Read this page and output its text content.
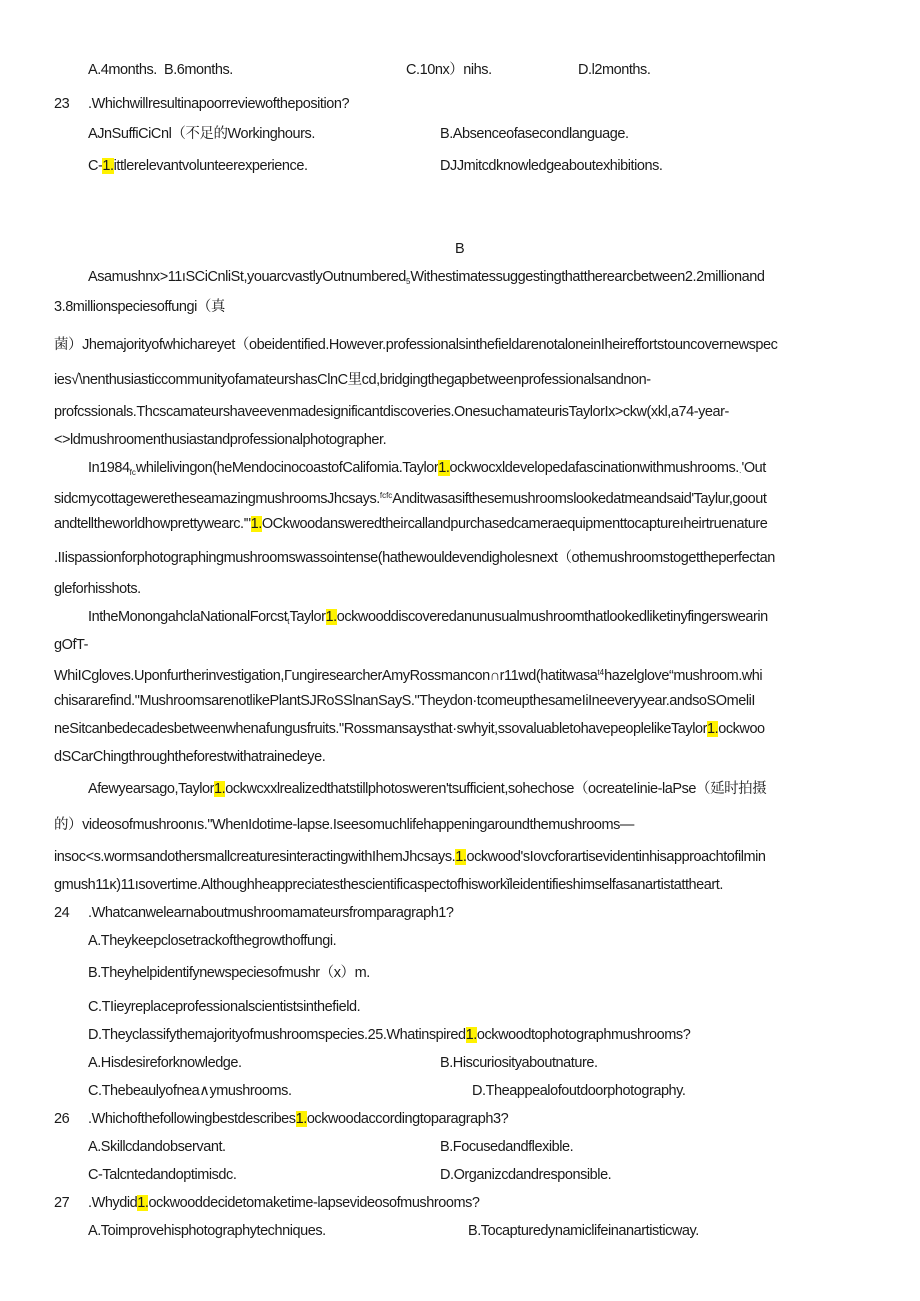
A.4months. B.6months.	C.10nx）nihs.	D.l2months.
23 .Whichwillresultinapoorreviewoftheposition?
AJnSuffiCiCnl（不足的Workinghours.	B.Absenceofasecondlanguage.
C-1.ittlerelevantvolunteerexperience.	DJJmitcdknowledgeaboutexhibitions.
B
Asamushnx>11ıSCiCnliSt,youarcvastlyOutnumbered$_5$Withestimatessuggestingthattherearcbetween2.2millionand
3.8millionspeciesoffungi（真
菌）Jhemajorityofwhichareyet（obeidentified.However.professionalsinthefieldarenotaloneinIheireffortstouncovernewspec
ies√\nenthusiasticcommunityofamateurshasClnC里cd,bridgingthegapbetweenprofessionalsandnon-
profcssionals.Thcscamateurshaveevenmadesignificantdiscoveries.OnesuchamateurisTaylorIx>ckw(xkl,a74-year-
<>ldmushroomenthusiastandprofessionalphotographer.
$In1984_{fc}whilelivingon(heMendocinocoastofCalifomia.Taylor1.ockwocxldevelopedafascinationwithmushrooms._\cdot'Out$
sidcmycottageweretheseamazingmushroomsJhcsays.$^{fcfc}$Anditwasasifthesemushroomslookedatmeandsaid'Taylur,goout
andtelltheworldhowprettywearc.'"1.OCkwoodansweredtheircallandpurchasedcameraequipmenttocaptureıheirtruenature
.IIispassionforphotographingmushroomswassointense(hathewouldevendigholesnext（othemushroomstogettheperfectan
gleforhisshots.
IntheMonongahclaNationalForcst$_t$Taylor1.ockwooddiscoveredanunusualmushroomthatlookedliketinyfingerswearin
gOfT-
WhiICgloves.Uponfurtherinvestigation,ΓungiresearcherAmyRossmancon∩r11wd(hatitwasa$^{t4}$hazelglove“mushroom.whi
chisararefind."MushroomsarenotlikePlantSJRoSSlnanSayS."Theydon·tcomeupthesameIiIneeveryyear.andsoSOmeliI
neSitcanbedecadesbetweenwhenafungusfruits."Rossmansaysthat·swhyit,ssovaluabletohavepeoplelikeTaylor1.ockwoo
dSCarChingthroughtheforestwithatrainedeye.
Afewyearsago,Taylor1.ockwcxxlrealizedthatstillphotosweren'tsufficient,sohechose（ocreateIinie-laPse（延时拍摄
的）videosofmushroonıs."WhenIdotime-lapse.Iseesomuchlifehappeningaroundthemushrooms—
insoc<s.wormsandothersmallcreaturesinteractingwithIhemJhcsays.1.ockwood'sIovcforartisevidentinhisapproachtofilmin
gmush11κ)11ısovertime.Althoughheappreciatesthescientificaspectofhisworkǐleidentifieshimselfasanartistattheart.
24 .Whatcanwelearnaboutmushroomamateursfromparagraph1?
A.Theykeepclosetrackofthegrowthoffungi.
B.Theyhelpidentifynewspeciesofmushr（x）m.
C.TIieyreplaceprofessionalscientistsinthefield.
D.Theyclassifythemajorityofmushroomspecies.25.Whatinspired1.ockwoodtophotographmushrooms?
A.Hisdesireforknowledge.	B.Hiscuriosityaboutnature.
C.Thebeaulyofnea∧ymushrooms.	D.Theappealofoutdoorphotography.
26 .Whichofthefollowingbestdescribes1.ockwoodaccordingtoparagraph3?
A.Skillcdandobservant.	B.Focusedandflexible.
C-Talcntedandoptimisdc.	D.Organizcdandresponsible.
27 .Whydid1.ockwooddecidetomaketime-lapsevideosofmushrooms?
A.Toimprovehisphotographytechniques.	B.Tocapturedynamiclifeinanartisticway.
